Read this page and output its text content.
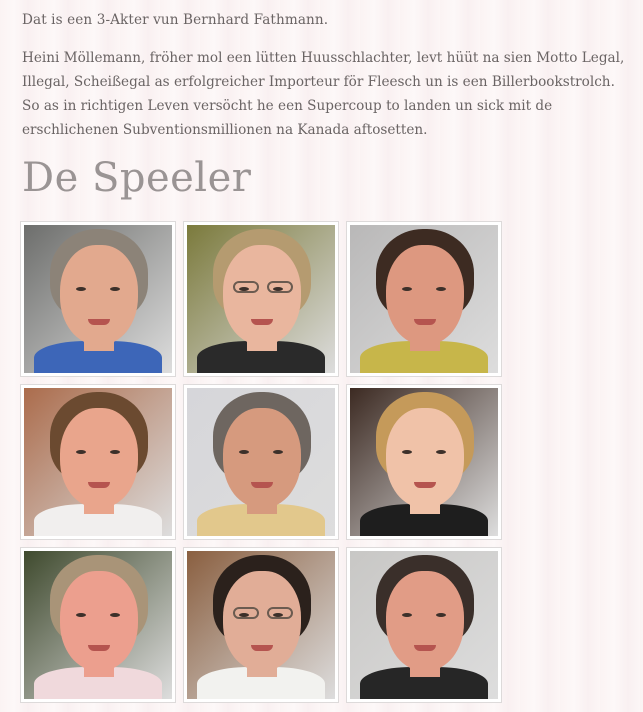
Dat is een 3-Akter vun Bernhard Fathmann.

Heini Möllemann, fröher mol een lütten Huusschlachter, levt hüüt na sien Motto Legal, Illegal, Scheißegal as erfolgreicher Importeur för Fleesch un is een Billerbookstrolch. So as in richtigen Leven versöcht he een Supercoup to landen un sick mit de erschlichenen Subventionsmillionen na Kanada aftosetten.

De Speeler
